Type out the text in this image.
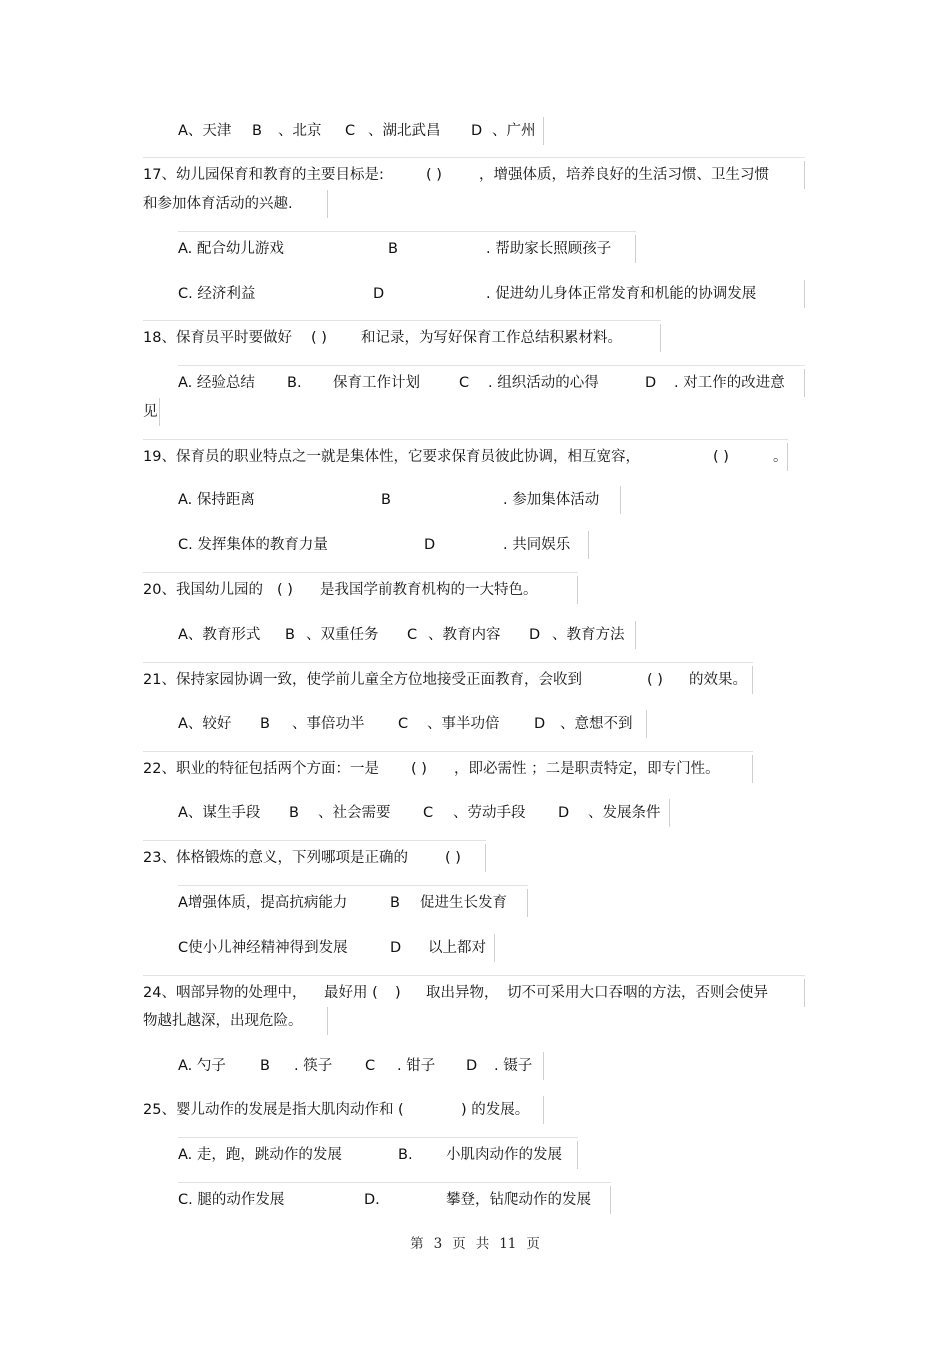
A、天津 B 、北京 C 、湖北武昌 D 、广州
17、幼儿园保育和教育的主要目标是:	( )	，增强体质，培养良好的生活习惯、卫生习惯
和参加体育活动的兴趣.
A. 配合幼儿游戏	B	. 帮助家长照顾孩子
C. 经济利益	D	. 促进幼儿身体正常发育和机能的协调发展
18、保育员平时要做好 ( ) 和记录，为写好保育工作总结积累材料。
A. 经验总结 B. 保育工作计划	C . 组织活动的心得	D . 对工作的改进意
见
19、保育员的职业特点之一就是集体性，它要求保育员彼此协调，相互宽容，	( )	。
A. 保持距离	B	. 参加集体活动
C. 发挥集体的教育力量	D	. 共同娱乐
20、我国幼儿园的 ( ) 是我国学前教育机构的一大特色。
A、教育形式 B 、双重任务 C 、教育内容 D 、教育方法
21、保持家园协调一致，使学前儿童全方位地接受正面教育，会收到	( ) 的效果。
A、较好 B 、事倍功半 C 、事半功倍 D 、意想不到
22、职业的特征包括两个方面：一是 ( ) ，即必需性 ；二是职责特定，即专门性。
A、谋生手段 B 、社会需要 C 、劳动手段 D 、发展条件
23、体格锻炼的意义，下列哪项是正确的	( )
A增强体质，提高抗病能力	B 促进生长发育
C使小儿神经精神得到发展	D 以上都对
24、咽部异物的处理中， 最好用 ( ) 取出异物， 切不可采用大口吞咽的方法，否则会使异
物越扎越深，出现危险。
A. 勺子 B . 筷子 C . 钳子 D . 镊子
25、婴儿动作的发展是指大肌肉动作和 (	) 的发展。
A. 走，跑，跳动作的发展	B. 小肌肉动作的发展
C. 腿的动作发展	D.	攀登，钻爬动作的发展
第 3 页 共 11 页
